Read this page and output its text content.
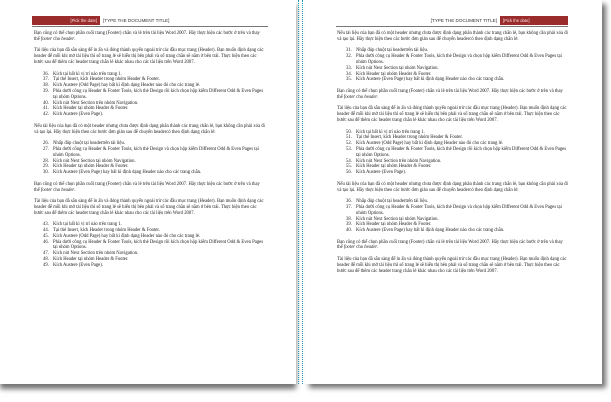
[Pick the date]	[TYPE THE DOCUMENT TITLE]

Bạn cũng có thể chọn phần cuối trang (Footer) chẵn và lẻ trên tài liệu Word 2007. Hãy thực hiện các bước ở trên và thay thế footer cho header.

Tài liệu của bạn đã sẵn sàng để in ấn và đóng thành quyển ngoài trừ các đầu mục trang (Header). Bạn muốn định dạng các header để mỗi khi mở tài liệu thì số trang lẻ sẽ hiển thị bên phải và số trang chẵn sẽ nằm ở bên trái. Thực hiện theo các bước sau để thêm các header trang chẵn lẻ khác nhau cho các tài liệu trên Word 2007.

36. Kích tại bất kì vị trí nào trên trang 1.
37. Tại thẻ Insert, kích Header trong nhóm Header & Footer.
38. Kích Austere (Odd Page) hay bất kì định dạng Header nào đó cho các trang lẻ.
39. Phía dưới công cụ Header & Footer Tools, kích thẻ Design rồi kích chọn hộp kiểm Different Odd & Even Pages tại nhóm Options.
40. Kích nút Next Section trên nhóm Navigation.
41. Kích Header tại nhóm Header & Footer.
42. Kích Austere (Even Page).

Nếu tài liệu của bạn đã có một header nhưng chưa được định dạng phân thành các trang chẵn lẻ, bạn không cần phải xóa đi và tạo lại. Hãy thực hiện theo các bước đơn giản sau để chuyển headercó theo định dạng chẵn lẻ:

26. Nhấp đúp chuột tại headertrên tài liệu.
27. Phía dưới công cụ Header & Footer Tools, kích thẻ Design và chọn hộp kiểm Different Odd & Even Pages tại nhóm Options.
28. Kích nút Next Section tại nhóm Navigation.
29. Kích Header tại nhóm Header & Footer.
30. Kích Austere (Even Page) hay bất kì định dạng Header nào cho các trang chẵn.

Bạn cũng có thể chọn phần cuối trang (Footer) chẵn và lẻ trên tài liệu Word 2007. Hãy thực hiện các bước ở trên và thay thế footer cho header.

Tài liệu của bạn đã sẵn sàng để in ấn và đóng thành quyển ngoài trừ các đầu mục trang (Header). Bạn muốn định dạng các header để mỗi khi mở tài liệu thì số trang lẻ sẽ hiển thị bên phải và số trang chẵn sẽ nằm ở bên trái. Thực hiện theo các bước sau để thêm các header trang chẵn lẻ khác nhau cho các tài liệu trên Word 2007.

43. Kích tại bất kì vị trí nào trên trang 1.
44. Tại thẻ Insert, kích Header trong nhóm Header & Footer.
45. Kích Austere (Odd Page) hay bất kì định dạng Header nào đó cho các trang lẻ.
46. Phía dưới công cụ Header & Footer Tools, kích thẻ Design rồi kích chọn hộp kiểm Different Odd & Even Pages tại nhóm Options.
47. Kích nút Next Section trên nhóm Navigation.
48. Kích Header tại nhóm Header & Footer.
49. Kích Austere (Even Page).
[TYPE THE DOCUMENT TITLE]	[Pick the date]

Nếu tài liệu của bạn đã có một header nhưng chưa được định dạng phân thành các trang chẵn lẻ, bạn không cần phải xóa đi và tạo lại. Hãy thực hiện theo các bước đơn giản sau để chuyển headercó theo định dạng chẵn lẻ:

31. Nhấp đúp chuột tại headertrên tài liệu.
32. Phía dưới công cụ Header & Footer Tools, kích thẻ Design và chọn hộp kiểm Different Odd & Even Pages tại nhóm Options.
33. Kích nút Next Section tại nhóm Navigation.
34. Kích Header tại nhóm Header & Footer.
35. Kích Austere (Even Page) hay bất kì định dạng Header nào cho các trang chẵn.

Bạn cũng có thể chọn phần cuối trang (Footer) chẵn và lẻ trên tài liệu Word 2007. Hãy thực hiện các bước ở trên và thay thế footer cho header.

Tài liệu của bạn đã sẵn sàng để in ấn và đóng thành quyển ngoài trừ các đầu mục trang (Header). Bạn muốn định dạng các header để mỗi khi mở tài liệu thì số trang lẻ sẽ hiển thị bên phải và số trang chẵn sẽ nằm ở bên trái. Thực hiện theo các bước sau để thêm các header trang chẵn lẻ khác nhau cho các tài liệu trên Word 2007.

50. Kích tại bất kì vị trí nào trên trang 1.
51. Tại thẻ Insert, kích Header trong nhóm Header & Footer.
52. Kích Austere (Odd Page) hay bất kì định dạng Header nào đó cho các trang lẻ.
53. Phía dưới công cụ Header & Footer Tools, kích thẻ Design rồi kích chọn hộp kiểm Different Odd & Even Pages tại nhóm Options.
54. Kích nút Next Section trên nhóm Navigation.
55. Kích Header tại nhóm Header & Footer.
56. Kích Austere (Even Page).

Nếu tài liệu của bạn đã có một header nhưng chưa được định dạng phân thành các trang chẵn lẻ, bạn không cần phải xóa đi và tạo lại. Hãy thực hiện theo các bước đơn giản sau để chuyển headercó theo định dạng chẵn lẻ:

36. Nhấp đúp chuột tại headertrên tài liệu.
37. Phía dưới công cụ Header & Footer Tools, kích thẻ Design và chọn hộp kiểm Different Odd & Even Pages tại nhóm Options.
38. Kích nút Next Section tại nhóm Navigation.
39. Kích Header tại nhóm Header & Footer.
40. Kích Austere (Even Page) hay bất kì định dạng Header nào cho các trang chẵn.

Bạn cũng có thể chọn phần cuối trang (Footer) chẵn và lẻ trên tài liệu Word 2007. Hãy thực hiện các bước ở trên và thay thế footer cho header.

Tài liệu của bạn đã sẵn sàng để in ấn và đóng thành quyển ngoài trừ các đầu mục trang (Header). Bạn muốn định dạng các header để mỗi khi mở tài liệu thì số trang lẻ sẽ hiển thị bên phải và số trang chẵn sẽ nằm ở bên trái. Thực hiện theo các bước sau để thêm các header trang chẵn lẻ khác nhau cho các tài liệu trên Word 2007.
